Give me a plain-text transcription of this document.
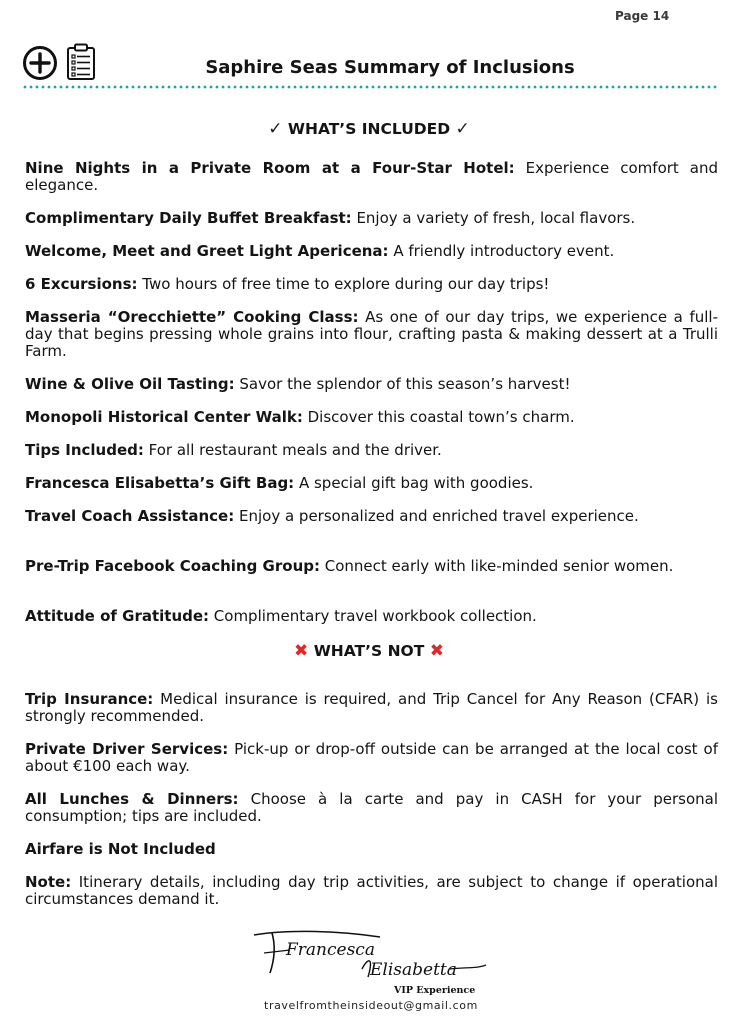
Page 14
Saphire Seas Summary of Inclusions
✓ WHAT’S INCLUDED ✓

Nine Nights in a Private Room at a Four-Star Hotel: Experience comfort and elegance.

Complimentary Daily Buffet Breakfast: Enjoy a variety of fresh, local flavors.

Welcome, Meet and Greet Light Apericena: A friendly introductory event.

6 Excursions: Two hours of free time to explore during our day trips!

Masseria “Orecchiette” Cooking Class: As one of our day trips, we experience a full-day that begins pressing whole grains into flour, crafting pasta & making dessert at a Trulli Farm.

Wine & Olive Oil Tasting: Savor the splendor of this season’s harvest!

Monopoli Historical Center Walk: Discover this coastal town’s charm.

Tips Included: For all restaurant meals and the driver.

Francesca Elisabetta’s Gift Bag: A special gift bag with goodies.

Travel Coach Assistance: Enjoy a personalized and enriched travel experience.

Pre-Trip Facebook Coaching Group: Connect early with like-minded senior women.

Attitude of Gratitude: Complimentary travel workbook collection.

✖ WHAT’S NOT ✖

Trip Insurance: Medical insurance is required, and Trip Cancel for Any Reason (CFAR) is strongly recommended.

Private Driver Services: Pick-up or drop-off outside can be arranged at the local cost of about €100 each way.

All Lunches & Dinners: Choose à la carte and pay in CASH for your personal consumption; tips are included.

Airfare is Not Included

Note: Itinerary details, including day trip activities, are subject to change if operational circumstances demand it.

Francesca
Elisabetta
VIP Experience
travelfromtheinsideout@gmail.com
